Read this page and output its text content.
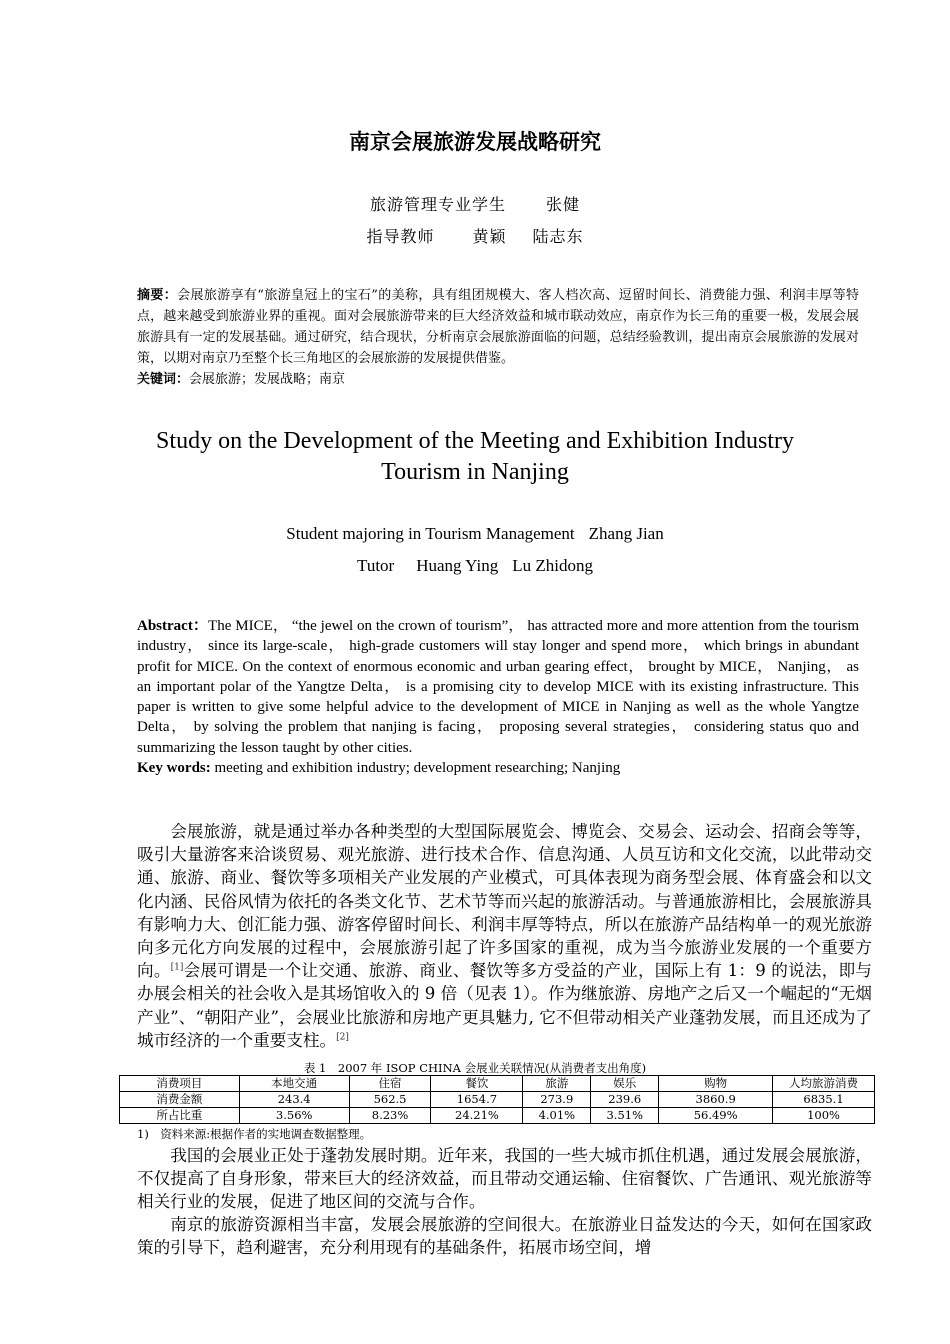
南京会展旅游发展战略研究
旅游管理专业学生	张健
指导教师 黄颖 陆志东
摘要：会展旅游享有“旅游皇冠上的宝石”的美称，具有组团规模大、客人档次高、逗留时间长、消费能力强、利润丰厚等特点，越来越受到旅游业界的重视。面对会展旅游带来的巨大经济效益和城市联动效应，南京作为长三角的重要一极，发展会展旅游具有一定的发展基础。通过研究，结合现状，分析南京会展旅游面临的问题，总结经验教训，提出南京会展旅游的发展对策，以期对南京乃至整个长三角地区的会展旅游的发展提供借鉴。
关键词：会展旅游；发展战略；南京
Study on the Development of the Meeting and Exhibition Industry Tourism in Nanjing
Student majoring in Tourism Management Zhang Jian
Tutor Huang Ying Lu Zhidong
Abstract：The MICE， “the jewel on the crown of tourism”， has attracted more and more attention from the tourism industry， since its large-scale， high-grade customers will stay longer and spend more， which brings in abundant profit for MICE. On the context of enormous economic and urban gearing effect， brought by MICE， Nanjing， as an important polar of the Yangtze Delta， is a promising city to develop MICE with its existing infrastructure. This paper is written to give some helpful advice to the development of MICE in Nanjing as well as the whole Yangtze Delta， by solving the problem that nanjing is facing， proposing several strategies， considering status quo and summarizing the lesson taught by other cities.
Key words: meeting and exhibition industry; development researching; Nanjing
会展旅游，就是通过举办各种类型的大型国际展览会、博览会、交易会、运动会、招商会等等，吸引大量游客来洽谈贸易、观光旅游、进行技术合作、信息沟通、人员互访和文化交流，以此带动交通、旅游、商业、餐饮等多项相关产业发展的产业模式，可具体表现为商务型会展、体育盛会和以文化内涵、民俗风情为依托的各类文化节、艺术节等而兴起的旅游活动。与普通旅游相比，会展旅游具有影响力大、创汇能力强、游客停留时间长、利润丰厚等特点，所以在旅游产品结构单一的观光旅游向多元化方向发展的过程中，会展旅游引起了许多国家的重视，成为当今旅游业发展的一个重要方向。[1]会展可谓是一个让交通、旅游、商业、餐饮等多方受益的产业，国际上有 1：9 的说法，即与办展会相关的社会收入是其场馆收入的 9 倍（见表 1）。作为继旅游、房地产之后又一个崛起的“无烟产业”、“朝阳产业”，会展业比旅游和房地产更具魅力, 它不但带动相关产业蓬勃发展，而且还成为了城市经济的一个重要支柱。[2]
表 1　2007 年 ISOP CHINA 会展业关联情况(从消费者支出角度)
消费项目	本地交通	住宿	餐饮	旅游	娱乐	购物	人均旅游消费
消费金额	243.4	562.5	1654.7	273.9	239.6	3860.9	6835.1
所占比重	3.56%	8.23%	24.21%	4.01%	3.51%	56.49%	100%
1)　资料来源:根据作者的实地调查数据整理。
我国的会展业正处于蓬勃发展时期。近年来，我国的一些大城市抓住机遇，通过发展会展旅游，不仅提高了自身形象，带来巨大的经济效益，而且带动交通运输、住宿餐饮、广告通讯、观光旅游等相关行业的发展，促进了地区间的交流与合作。
南京的旅游资源相当丰富，发展会展旅游的空间很大。在旅游业日益发达的今天，如何在国家政策的引导下，趋利避害，充分利用现有的基础条件，拓展市场空间，增
